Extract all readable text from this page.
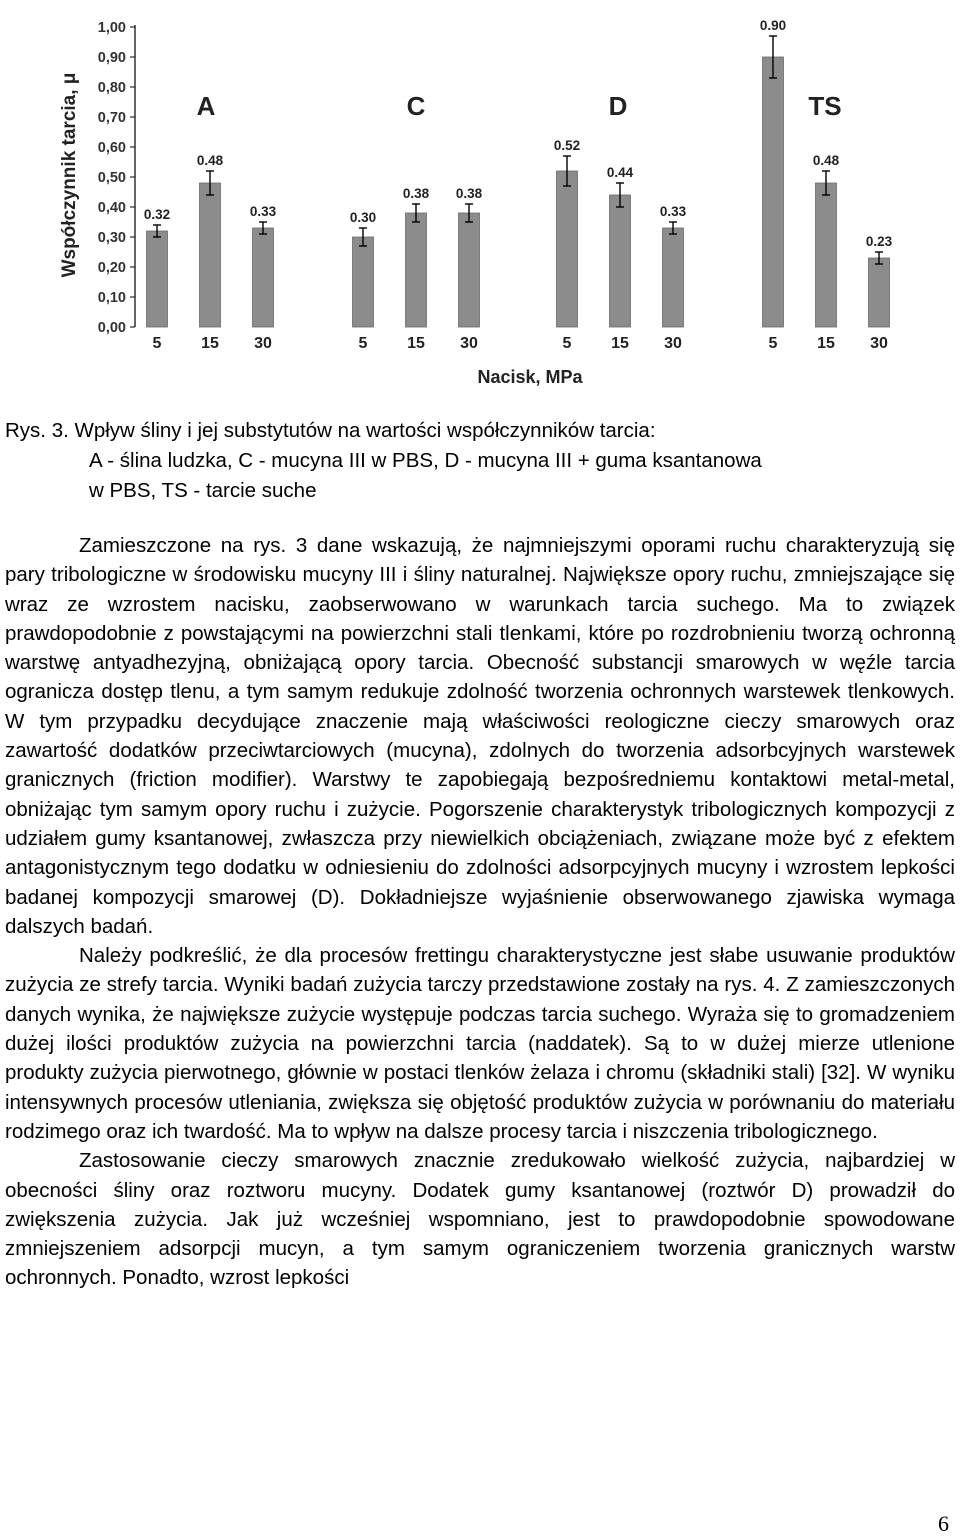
0,00
0,10
0,20
0,30
0,40
0,50
0,60
0,70
0,80
0,90
1,00
Współczynnik tarcia, μ
Nacisk, MPa
A
0.32
5
0.48
15
0.33
30
C
0.30
5
0.38
15
0.38
30
D
0.52
5
0.44
15
0.33
30
TS
0.90
5
0.48
15
0.23
30
Rys. 3. Wpływ śliny i jej substytutów na wartości współczynników tarcia:

A - ślina ludzka, C - mucyna III w PBS, D - mucyna III + guma ksantanowa
w PBS, TS - tarcie suche

Zamieszczone na rys. 3 dane wskazują, że najmniejszymi oporami ruchu charakteryzują się pary tribologiczne w środowisku mucyny III i śliny naturalnej. Największe opory ruchu, zmniejszające się wraz ze wzrostem nacisku, zaobserwowano w warunkach tarcia suchego. Ma to związek prawdopodobnie z powstającymi na powierzchni stali tlenkami, które po rozdrobnieniu tworzą ochronną warstwę antyadhezyjną, obniżającą opory tarcia. Obecność substancji smarowych w węźle tarcia ogranicza dostęp tlenu, a tym samym redukuje zdolność tworzenia ochronnych warstewek tlenkowych. W tym przypadku decydujące znaczenie mają właściwości reologiczne cieczy smarowych oraz zawartość dodatków przeciwtarciowych (mucyna), zdolnych do tworzenia adsorbcyjnych warstewek granicznych (friction modifier). Warstwy te zapobiegają bezpośredniemu kontaktowi metal-metal, obniżając tym samym opory ruchu i zużycie. Pogorszenie charakterystyk tribologicznych kompozycji z udziałem gumy ksantanowej, zwłaszcza przy niewielkich obciążeniach, związane może być z efektem antagonistycznym tego dodatku w odniesieniu do zdolności adsorpcyjnych mucyny i wzrostem lepkości badanej kompozycji smarowej (D). Dokładniejsze wyjaśnienie obserwowanego zjawiska wymaga dalszych badań.

Należy podkreślić, że dla procesów frettingu charakterystyczne jest słabe usuwanie produktów zużycia ze strefy tarcia. Wyniki badań zużycia tarczy przedstawione zostały na rys. 4. Z zamieszczonych danych wynika, że największe zużycie występuje podczas tarcia suchego. Wyraża się to gromadzeniem dużej ilości produktów zużycia na powierzchni tarcia (naddatek). Są to w dużej mierze utlenione produkty zużycia pierwotnego, głównie w postaci tlenków żelaza i chromu (składniki stali) [32]. W wyniku intensywnych procesów utleniania, zwiększa się objętość produktów zużycia w porównaniu do materiału rodzimego oraz ich twardość. Ma to wpływ na dalsze procesy tarcia i niszczenia tribologicznego.

Zastosowanie cieczy smarowych znacznie zredukowało wielkość zużycia, najbardziej w obecności śliny oraz roztworu mucyny. Dodatek gumy ksantanowej (roztwór D) prowadził do zwiększenia zużycia. Jak już wcześniej wspomniano, jest to prawdopodobnie spowodowane zmniejszeniem adsorpcji mucyn, a tym samym ograniczeniem tworzenia granicznych warstw ochronnych. Ponadto, wzrost lepkości

6
